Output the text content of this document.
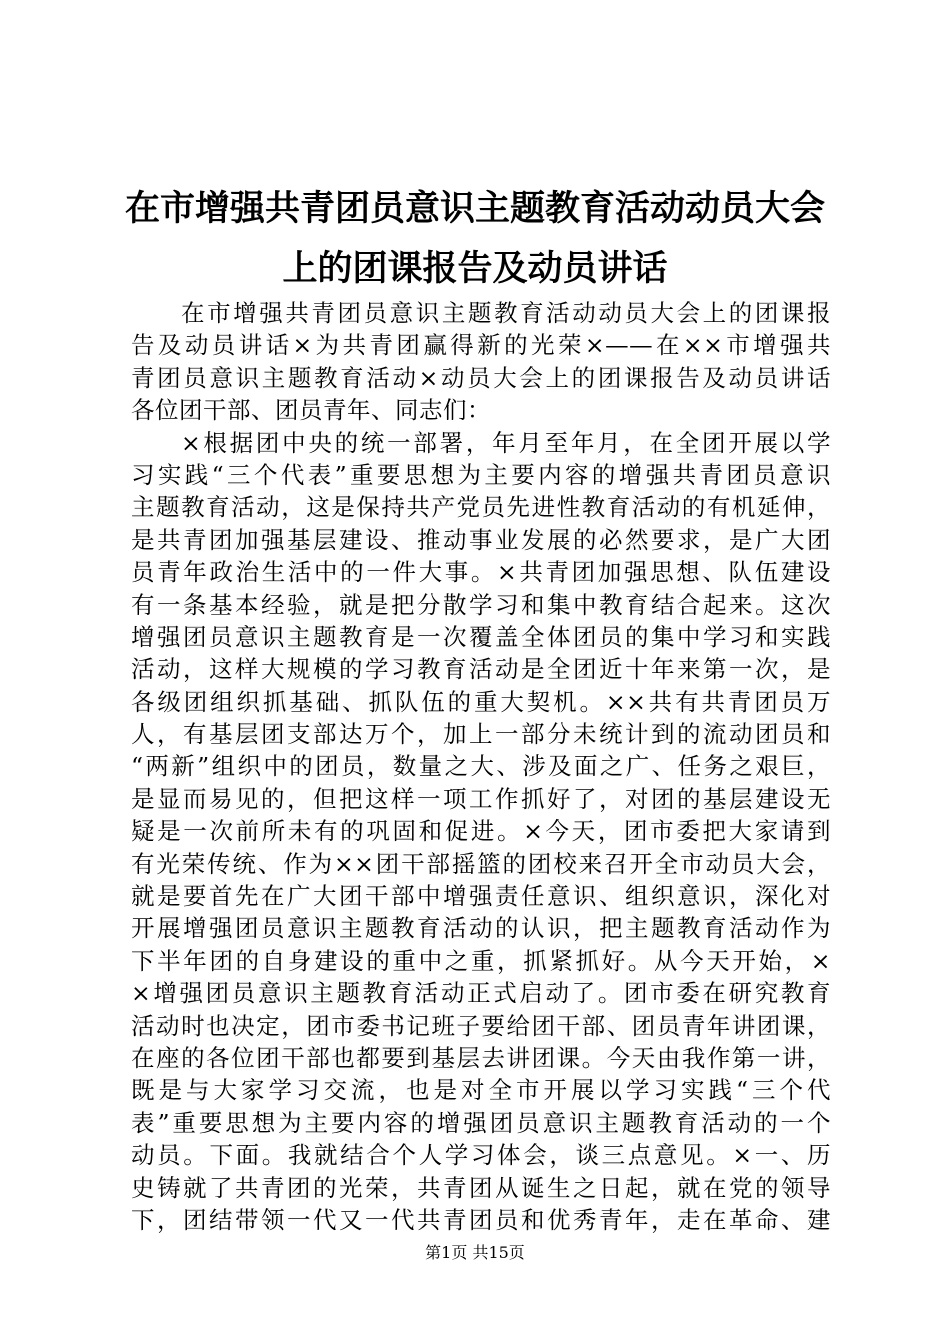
在市增强共青团员意识主题教育活动动员大会
上的团课报告及动员讲话
在市增强共青团员意识主题教育活动动员大会上的团课报
告及动员讲话×为共青团赢得新的光荣×——在××市增强共
青团员意识主题教育活动×动员大会上的团课报告及动员讲话
各位团干部、团员青年、同志们：
×根据团中央的统一部署，年月至年月，在全团开展以学
习实践“三个代表”重要思想为主要内容的增强共青团员意识
主题教育活动，这是保持共产党员先进性教育活动的有机延伸，
是共青团加强基层建设、推动事业发展的必然要求，是广大团
员青年政治生活中的一件大事。×共青团加强思想、队伍建设
有一条基本经验，就是把分散学习和集中教育结合起来。这次
增强团员意识主题教育是一次覆盖全体团员的集中学习和实践
活动，这样大规模的学习教育活动是全团近十年来第一次，是
各级团组织抓基础、抓队伍的重大契机。××共有共青团员万
人，有基层团支部达万个，加上一部分未统计到的流动团员和
“两新”组织中的团员，数量之大、涉及面之广、任务之艰巨，
是显而易见的，但把这样一项工作抓好了，对团的基层建设无
疑是一次前所未有的巩固和促进。×今天，团市委把大家请到
有光荣传统、作为××团干部摇篮的团校来召开全市动员大会，
就是要首先在广大团干部中增强责任意识、组织意识，深化对
开展增强团员意识主题教育活动的认识，把主题教育活动作为
下半年团的自身建设的重中之重，抓紧抓好。从今天开始，×
×增强团员意识主题教育活动正式启动了。团市委在研究教育
活动时也决定，团市委书记班子要给团干部、团员青年讲团课，
在座的各位团干部也都要到基层去讲团课。今天由我作第一讲，
既是与大家学习交流，也是对全市开展以学习实践“三个代
表”重要思想为主要内容的增强团员意识主题教育活动的一个
动员。下面。我就结合个人学习体会，谈三点意见。×一、历
史铸就了共青团的光荣，共青团从诞生之日起，就在党的领导
下，团结带领一代又一代共青团员和优秀青年，走在革命、建
第1页 共15页
